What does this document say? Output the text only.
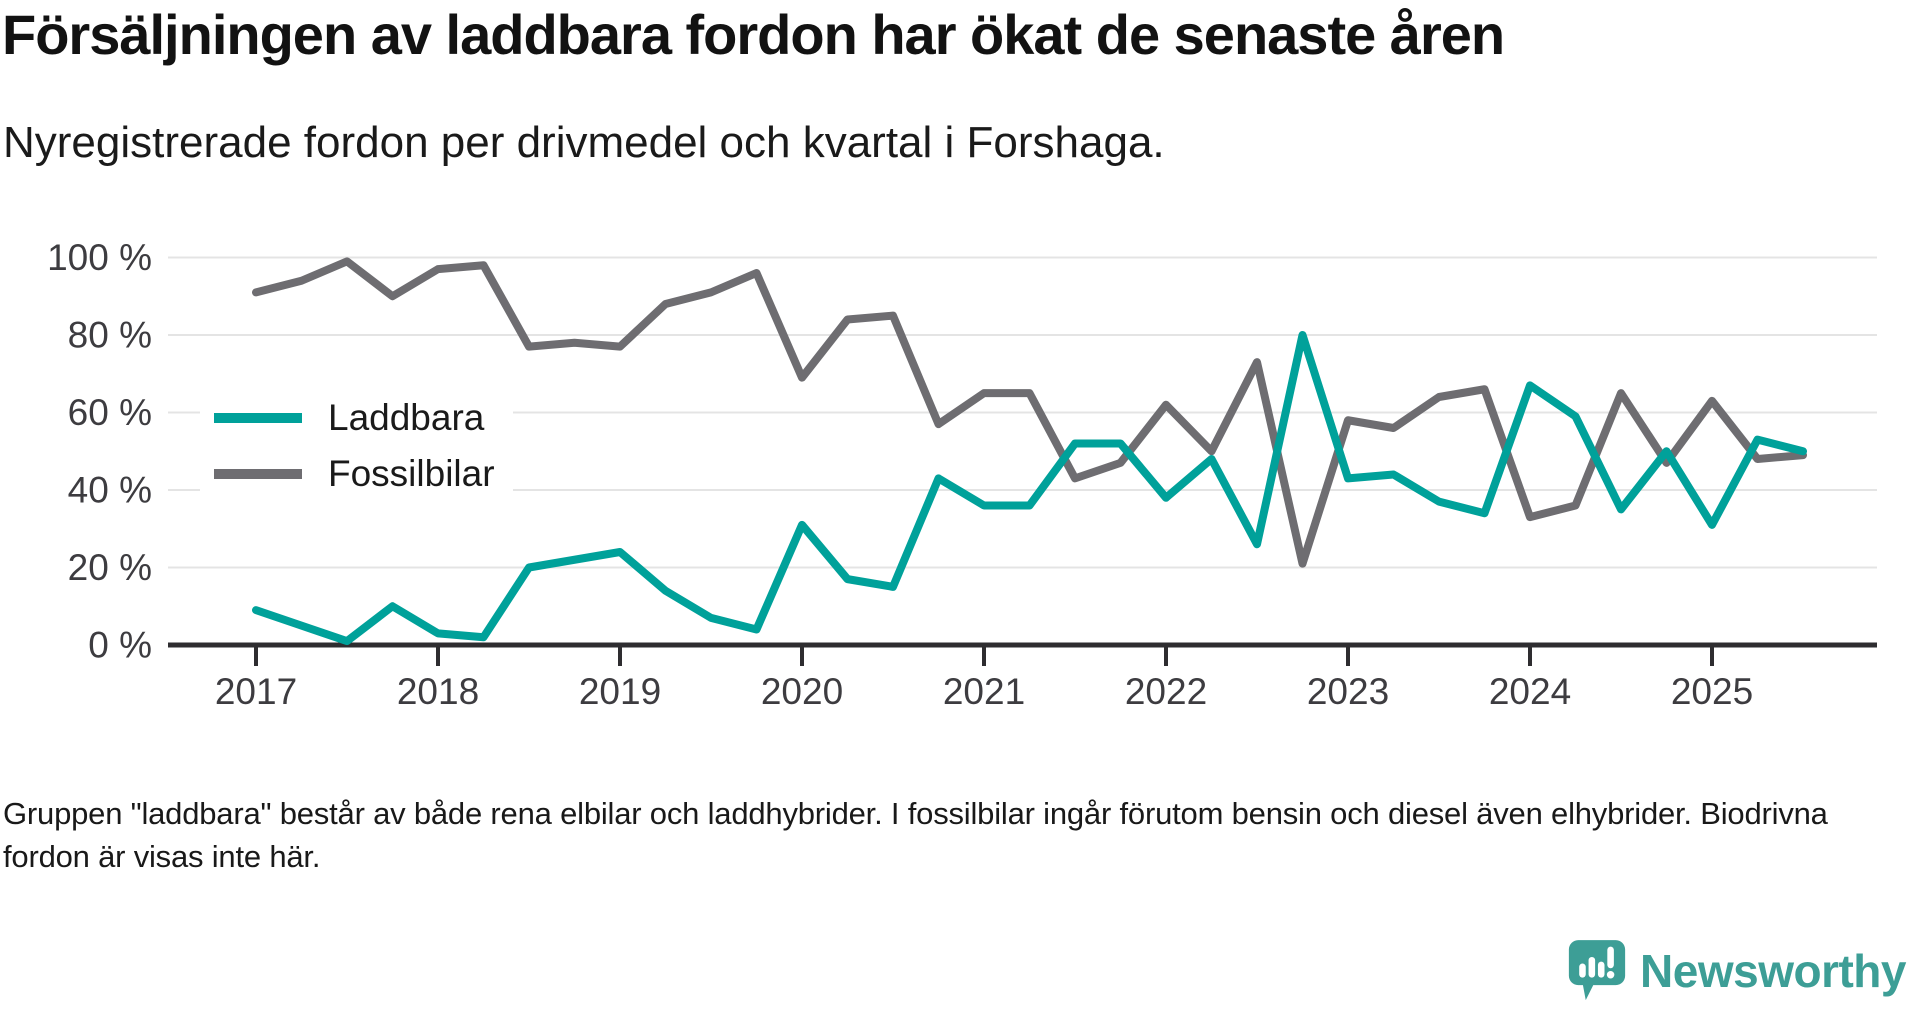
Försäljningen av laddbara fordon har ökat de senaste åren

Nyregistrerade fordon per drivmedel och kvartal i Forshaga.

0 %
20 %
40 %
60 %
80 %
100 %
2017	2018	2019	2020	2021	2022	2023	2024	2025
Laddbara
Fossilbilar

Gruppen "laddbara" består av både rena elbilar och laddhybrider. I fossilbilar ingår förutom bensin och diesel även elhybrider. Biodrivna fordon är visas inte här.

Newsworthy
